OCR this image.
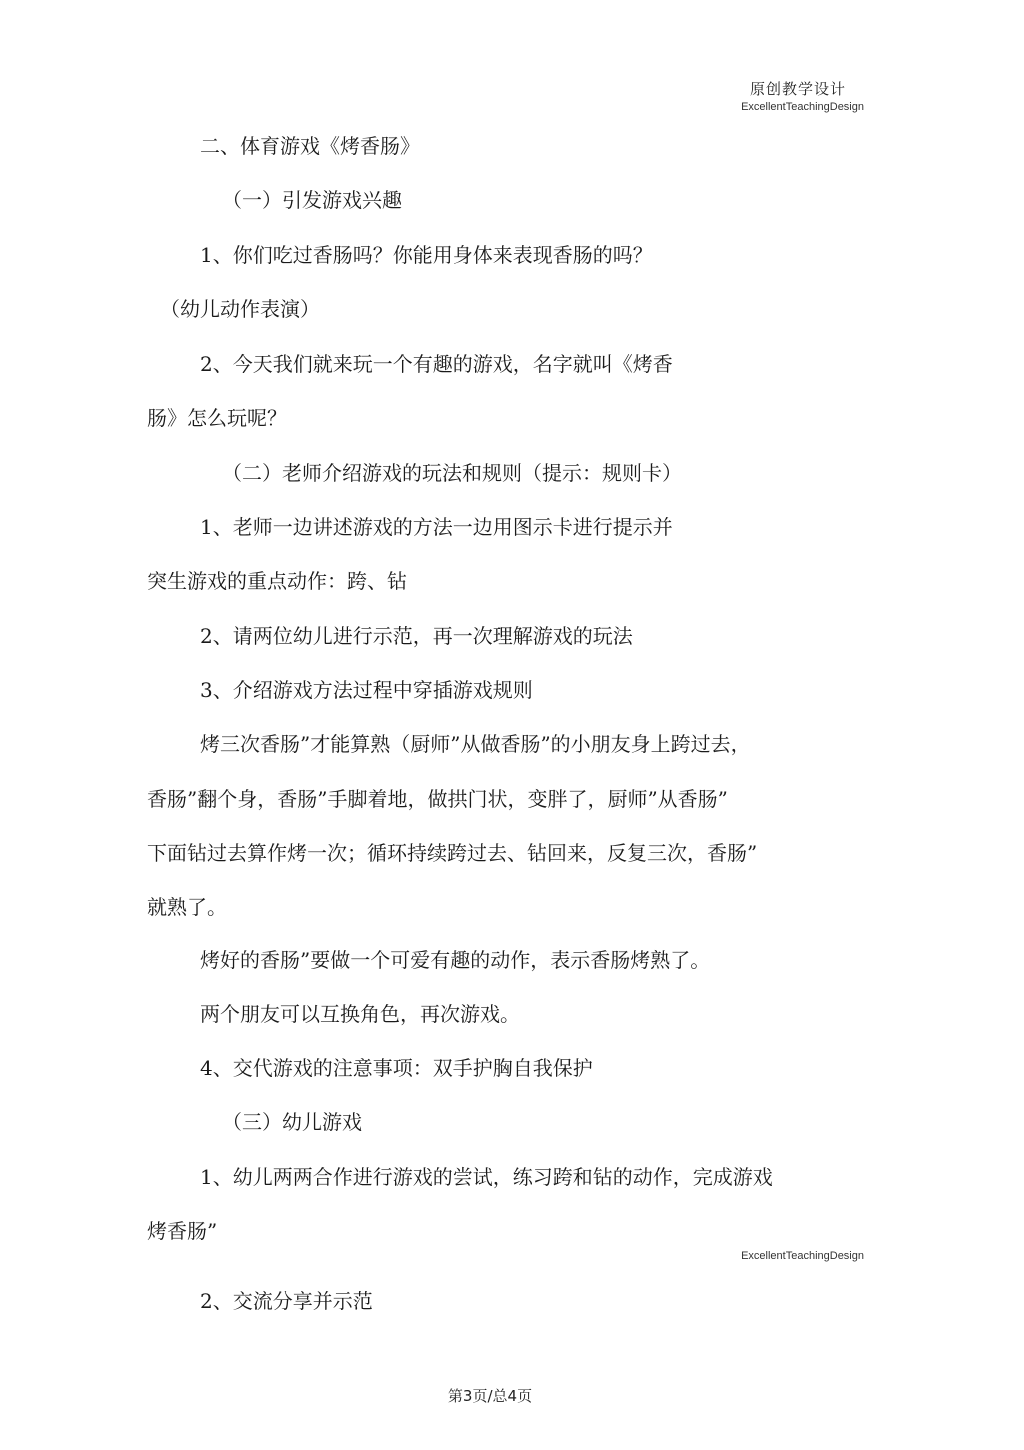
原创教学设计
ExcellentTeachingDesign
二、体育游戏《烤香肠》
（一）引发游戏兴趣
1、你们吃过香肠吗？你能用身体来表现香肠的吗？
（幼儿动作表演）
2、今天我们就来玩一个有趣的游戏，名字就叫《烤香
肠》怎么玩呢？
（二）老师介绍游戏的玩法和规则（提示：规则卡）
1、老师一边讲述游戏的方法一边用图示卡进行提示并
突生游戏的重点动作：跨、钻
2、请两位幼儿进行示范，再一次理解游戏的玩法
3、介绍游戏方法过程中穿插游戏规则
烤三次香肠”才能算熟（厨师”从做香肠”的小朋友身上跨过去，
香肠”翻个身，香肠”手脚着地，做拱门状，变胖了，厨师”从香肠”
下面钻过去算作烤一次；循环持续跨过去、钻回来，反复三次，香肠”
就熟了。
烤好的香肠”要做一个可爱有趣的动作，表示香肠烤熟了。
两个朋友可以互换角色，再次游戏。
4、交代游戏的注意事项：双手护胸自我保护
（三）幼儿游戏
1、幼儿两两合作进行游戏的尝试，练习跨和钻的动作，完成游戏
烤香肠”
ExcellentTeachingDesign
2、交流分享并示范
第3页/总4页
